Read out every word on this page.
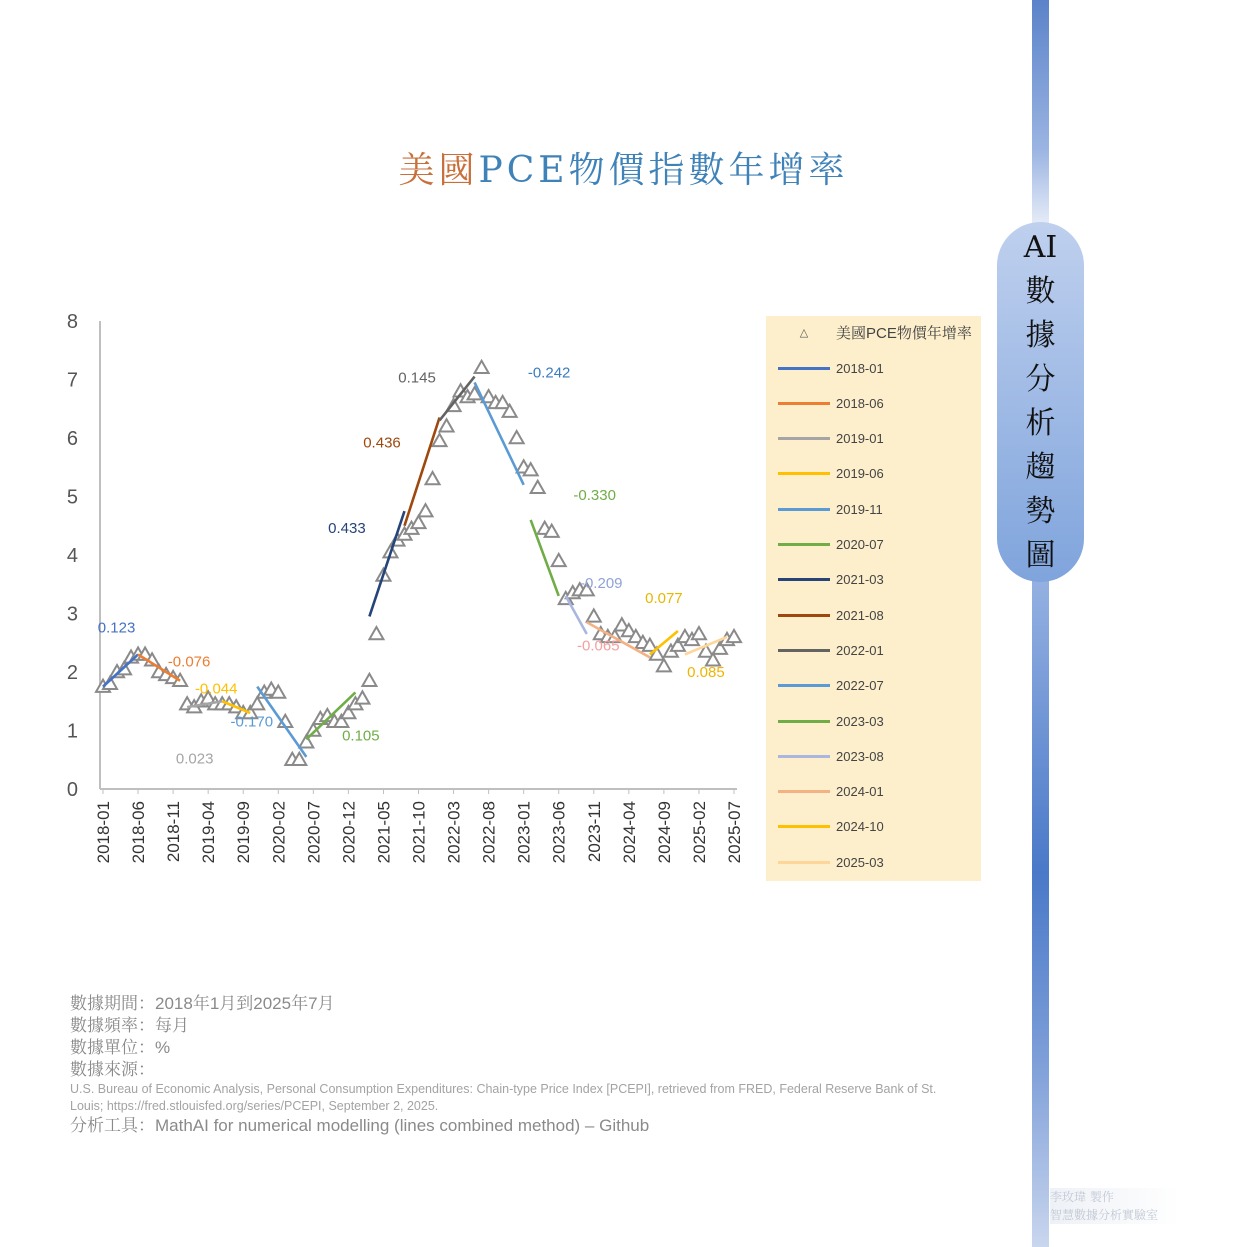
AI
數
據
分
析
趨
勢
圖
美國PCE物價指數年增率
0
1
2
3
4
5
6
7
8
2018-01 2018-06 2018-11 2019-04 2019-09 2020-02 2020-07 2020-12 2021-05 2021-10 2022-03 2022-08 2023-01 2023-06 2023-11 2024-04 2024-09 2025-02 2025-07
0.123
-0.076
0.023
-0.044
-0.170
0.105
0.433
0.436
0.145	-0.242
-0.330
-0.209
-0.065
0.077
0.085
△	美國PCE物價年增率
2018-01
2018-06
2019-01
2019-06
2019-11
2020-07
2021-03
2021-08
2022-01
2022-07
2023-03
2023-08
2024-01
2024-10
2025-03
數據期間：2018年1月到2025年7月
數據頻率：每月
數據單位：%
數據來源：
U.S. Bureau of Economic Analysis, Personal Consumption Expenditures: Chain-type Price Index [PCEPI], retrieved from FRED, Federal Reserve Bank of St. Louis; https://fred.stlouisfed.org/series/PCEPI, September 2, 2025.
分析工具：MathAI for numerical modelling (lines combined method) – Github
李玫瑋 製作
智慧數據分析實驗室
